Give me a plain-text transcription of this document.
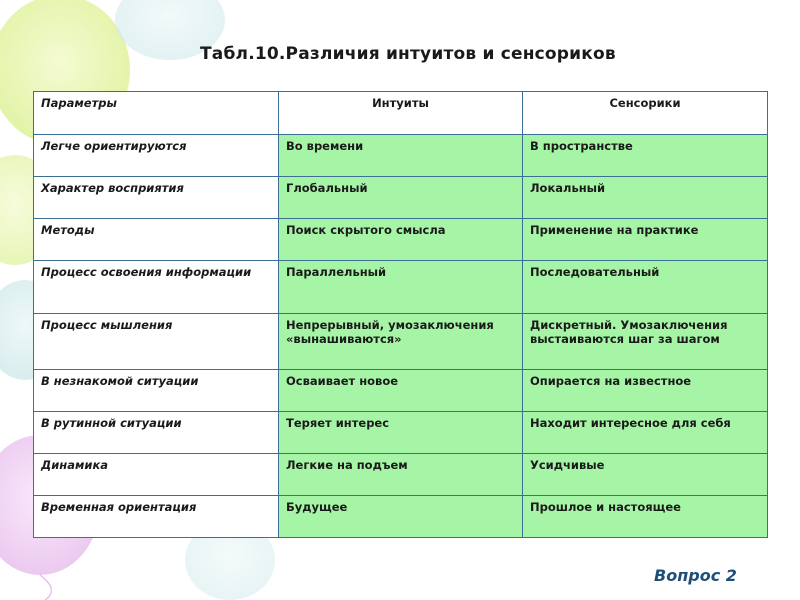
Табл.10.Различия интуитов и сенсориков
Параметры	Интуиты	Сенсорики
Легче ориентируются	Во времени	В пространстве
Характер восприятия	Глобальный	Локальный
Методы	Поиск скрытого смысла	Применение на практике
Процесс освоения информации	Параллельный	Последовательный
Процесс мышления	Непрерывный, умозаключения «вынашиваются»	Дискретный. Умозаключения выстаиваются шаг за шагом
В незнакомой ситуации	Осваивает новое	Опирается на известное
В рутинной ситуации	Теряет интерес	Находит интересное для себя
Динамика	Легкие на подъем	Усидчивые
Временная ориентация	Будущее	Прошлое и настоящее
Вопрос 2
